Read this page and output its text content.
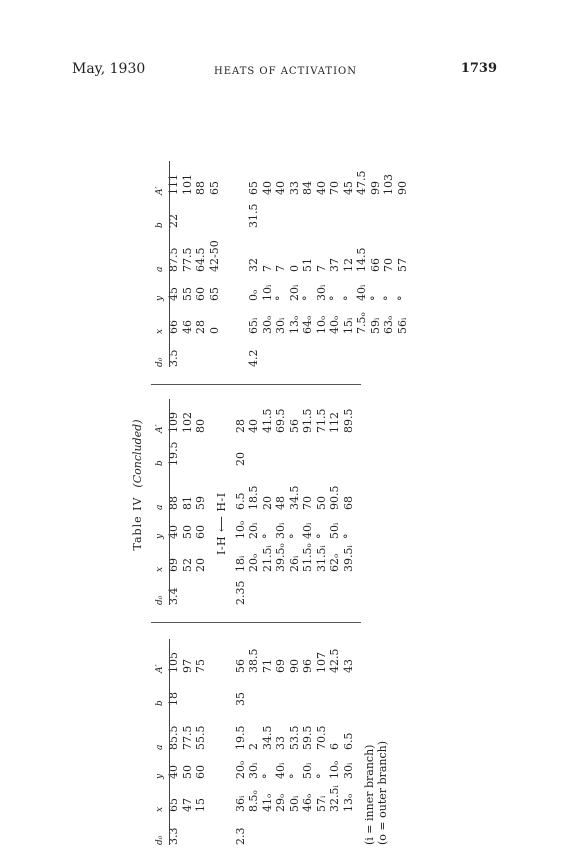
May, 1930	HEATS OF ACTIVATION	1739
Table IV  (Concluded)
d₀
x
y
a
b
A′
3.3
65
40
85.5
18
105
47
50
77.5
97
15
60
55.5
75
2.3
36ᵢ
20ₒ
19.5
35
56
8.5ₒ
30ᵢ
2
38.5
41ₒ
°
34.5
71
29ₒ
40ᵢ
33
69
50ᵢ
°
53.5
90
46ₒ
50ᵢ
59.5
96
57ᵢ
°
70.5
107
32.5ᵢ
10ₒ
6
42.5
13ₒ
30ᵢ
6.5
43
(i = inner branch) (o = outer branch)
d₀
x
y
a
b
A′
3.4
69
40
88
19.5
109
52
50
81
102
20
60
59
80
2.35
18ᵢ
10ₒ
6.5
20
28
20ₒ
20ᵢ
18.5
40
21.5ᵢ
°
20
41.5
39.5ₒ
30ᵢ
48
69.5
26ᵢ
°
34.5
56
51.5ₒ
40ᵢ
70
91.5
31.5ᵢ
°
50
71.5
62ₒ
50ᵢ
90.5
112
39.5ᵢ
°
68
89.5
d₀
x
y
a
b
A′
3.5
66
45
87.5
22
111
46
55
77.5
101
28
60
64.5
88
0
65
42-50
65
4.2
65ᵢ
0ₒ
32
31.5
65
30ₒ
10ᵢ
7
40
30ᵢ
°
7
40
13ₒ
20ᵢ
0
33
64ₒ
°
51
84
10ₒ
30ᵢ
7
40
40ₒ
°
37
70
15ᵢ
°
12
45
7.5ₒ
40ᵢ
14.5
47.5
59ᵢ
°
66
99
63ₒ
°
70
103
56ᵢ
°
57
90
I-H ⟵ H-I
